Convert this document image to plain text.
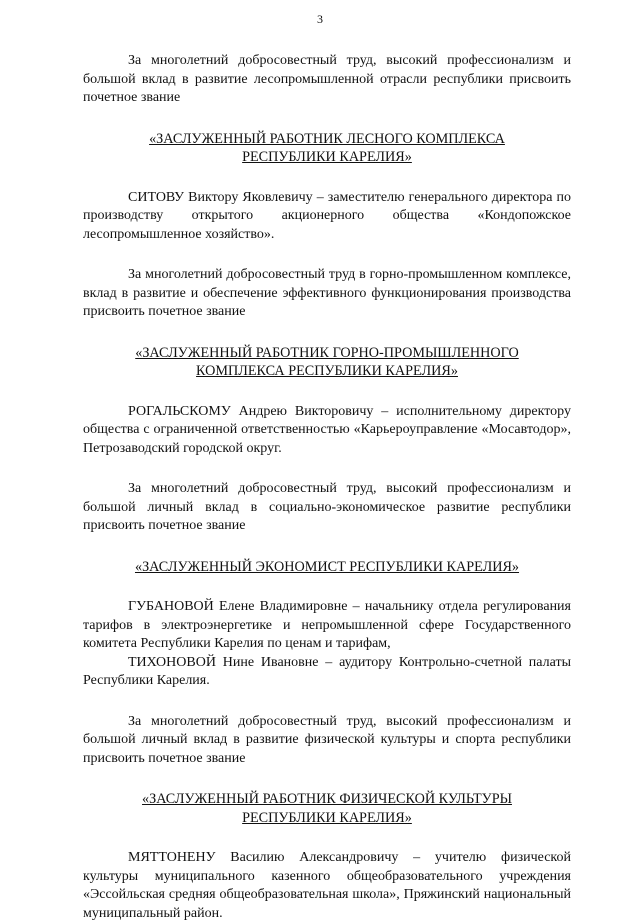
3

За многолетний добросовестный труд, высокий профессионализм и большой вклад в развитие лесопромышленной отрасли республики присвоить почетное звание

«ЗАСЛУЖЕННЫЙ РАБОТНИК ЛЕСНОГО КОМПЛЕКСА
РЕСПУБЛИКИ КАРЕЛИЯ»

СИТОВУ Виктору Яковлевичу – заместителю генерального директора по производству открытого акционерного общества «Кондопожское лесопромышленное хозяйство».

За многолетний добросовестный труд в горно-промышленном комплексе, вклад в развитие и обеспечение эффективного функционирования производства присвоить почетное звание

«ЗАСЛУЖЕННЫЙ РАБОТНИК ГОРНО-ПРОМЫШЛЕННОГО
КОМПЛЕКСА РЕСПУБЛИКИ КАРЕЛИЯ»

РОГАЛЬСКОМУ Андрею Викторовичу – исполнительному директору общества с ограниченной ответственностью «Карьероуправление «Мосавтодор», Петрозаводский городской округ.

За многолетний добросовестный труд, высокий профессионализм и большой личный вклад в социально-экономическое развитие республики присвоить почетное звание

«ЗАСЛУЖЕННЫЙ ЭКОНОМИСТ РЕСПУБЛИКИ КАРЕЛИЯ»

ГУБАНОВОЙ Елене Владимировне – начальнику отдела регулирования тарифов в электроэнергетике и непромышленной сфере Государственного комитета Республики Карелия по ценам и тарифам,

ТИХОНОВОЙ Нине Ивановне – аудитору Контрольно-счетной палаты Республики Карелия.

За многолетний добросовестный труд, высокий профессионализм и большой личный вклад в развитие физической культуры и спорта республики присвоить почетное звание

«ЗАСЛУЖЕННЫЙ РАБОТНИК ФИЗИЧЕСКОЙ КУЛЬТУРЫ
РЕСПУБЛИКИ КАРЕЛИЯ»

МЯТТОНЕНУ Василию Александровичу – учителю физической культуры муниципального казенного общеобразовательного учреждения «Эссойльская средняя общеобразовательная школа», Пряжинский национальный муниципальный район.
